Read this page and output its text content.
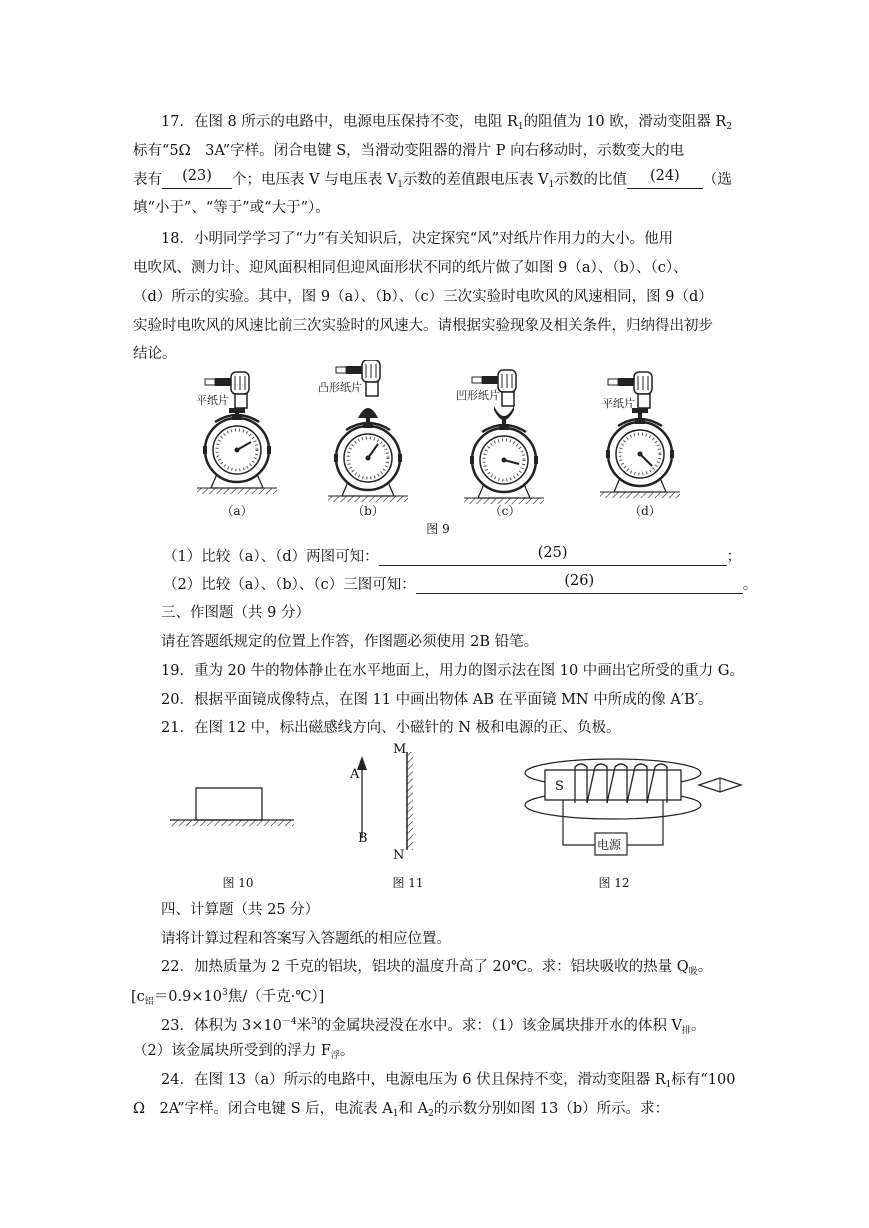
17．在图 8 所示的电路中，电源电压保持不变，电阻 $R_1$的阻值为 10 欧，滑动变阻器 $R_2$
标有“5Ω　3A”字样。闭合电键 S，当滑动变阻器的滑片 P 向右移动时，示数变大的电
表有 (23) 个；电压表 V 与电压表 $V_1$示数的差值跟电压表 $V_1$示数的比值 (24) （选
填“小于”、“等于”或“大于”）。
18．小明同学学习了“力”有关知识后，决定探究“风”对纸片作用力的大小。他用
电吹风、测力计、迎风面积相同但迎风面形状不同的纸片做了如图 9（a）、（b）、（c）、
（d）所示的实验。其中，图 9（a）、（b）、（c）三次实验时电吹风的风速相同，图 9（d）
实验时电吹风的风速比前三次实验时的风速大。请根据实验现象及相关条件，归纳得出初步
结论。
平纸片
凸形纸片
凹形纸片
平纸片
（a）	（b）	（c）	（d）
图 9
（1）比较（a）、（d）两图可知：	(25)	；
（2）比较（a）、（b）、（c）三图可知：	(26)	。
三、作图题（共 9 分）
请在答题纸规定的位置上作答，作图题必须使用 2B 铅笔。
19．重为 20 牛的物体静止在水平地面上，用力的图示法在图 10 中画出它所受的重力 G。
20．根据平面镜成像特点，在图 11 中画出物体 AB 在平面镜 MN 中所成的像 A′B′。
21．在图 12 中，标出磁感线方向、小磁针的 N 极和电源的正、负极。
A
B
M
N
S
电源
图 10	图 11	图 12
四、计算题（共 25 分）
请将计算过程和答案写入答题纸的相应位置。
22．加热质量为 2 千克的铝块，铝块的温度升高了 20℃。求：铝块吸收的热量 $Q_吸$。
[$c_铝=0.9\times 10^3$焦/（千克·℃）]
23．体积为 $3\times 10^{-4}$米$^3$的金属块浸没在水中。求：（1）该金属块排开水的体积 $V_排$。
（2）该金属块所受到的浮力 $F_浮$。
24．在图 13（a）所示的电路中，电源电压为 6 伏且保持不变，滑动变阻器 $R_1$标有“100
Ω　2A”字样。闭合电键 S 后，电流表 $A_1$和 $A_2$的示数分别如图 13（b）所示。求：
